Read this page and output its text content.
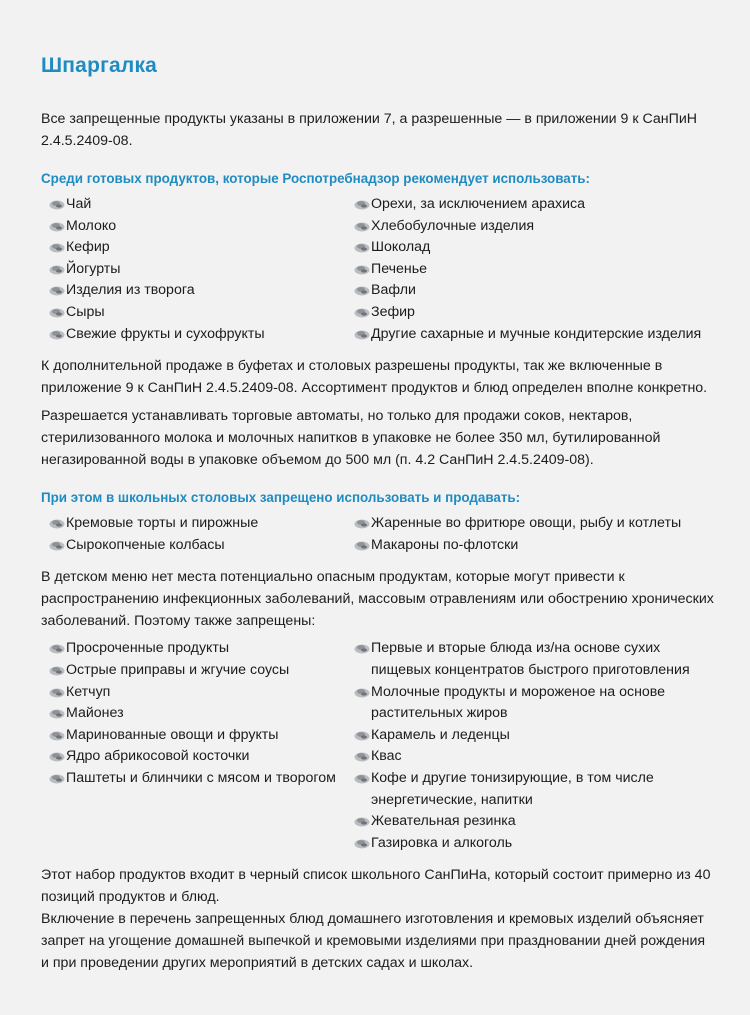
Шпаргалка

Все запрещенные продукты указаны в приложении 7, а разрешенные — в приложении 9 к СанПиН 2.4.5.2409-08.

Среди готовых продуктов, которые Роспотребнадзор рекомендует использовать:
Чай
Молоко
Кефир
Йогурты
Изделия из творога
Сыры
Свежие фрукты и сухофрукты
Орехи, за исключением арахиса
Хлебобулочные изделия
Шоколад
Печенье
Вафли
Зефир
Другие сахарные и мучные кондитерские изделия

К дополнительной продаже в буфетах и столовых разрешены продукты, так же включенные в приложение 9 к СанПиН 2.4.5.2409-08. Ассортимент продуктов и блюд определен вполне конкретно.

Разрешается устанавливать торговые автоматы, но только для продажи соков, нектаров, стерилизованного молока и молочных напитков в упаковке не более 350 мл, бутилированной негазированной воды в упаковке объемом до 500 мл (п. 4.2 СанПиН 2.4.5.2409-08).

При этом в школьных столовых запрещено использовать и продавать:
Кремовые торты и пирожные
Сырокопченые колбасы
Жаренные во фритюре овощи, рыбу и котлеты
Макароны по-флотски

В детском меню нет места потенциально опасным продуктам, которые могут привести к распространению инфекционных заболеваний, массовым отравлениям или обострению хронических заболеваний. Поэтому также запрещены:

Просроченные продукты
Острые приправы и жгучие соусы
Кетчуп
Майонез
Маринованные овощи и фрукты
Ядро абрикосовой косточки
Паштеты и блинчики с мясом и творогом
Первые и вторые блюда из/на основе сухих пищевых концентратов быстрого приготовления
Молочные продукты и мороженое на основе растительных жиров
Карамель и леденцы
Квас
Кофе и другие тонизирующие, в том числе энергетические, напитки
Жевательная резинка
Газировка и алкоголь

Этот набор продуктов входит в черный список школьного СанПиНа, который состоит примерно из 40 позиций продуктов и блюд.

Включение в перечень запрещенных блюд домашнего изготовления и кремовых изделий объясняет запрет на угощение домашней выпечкой и кремовыми изделиями при праздновании дней рождения и при проведении других мероприятий в детских садах и школах.
